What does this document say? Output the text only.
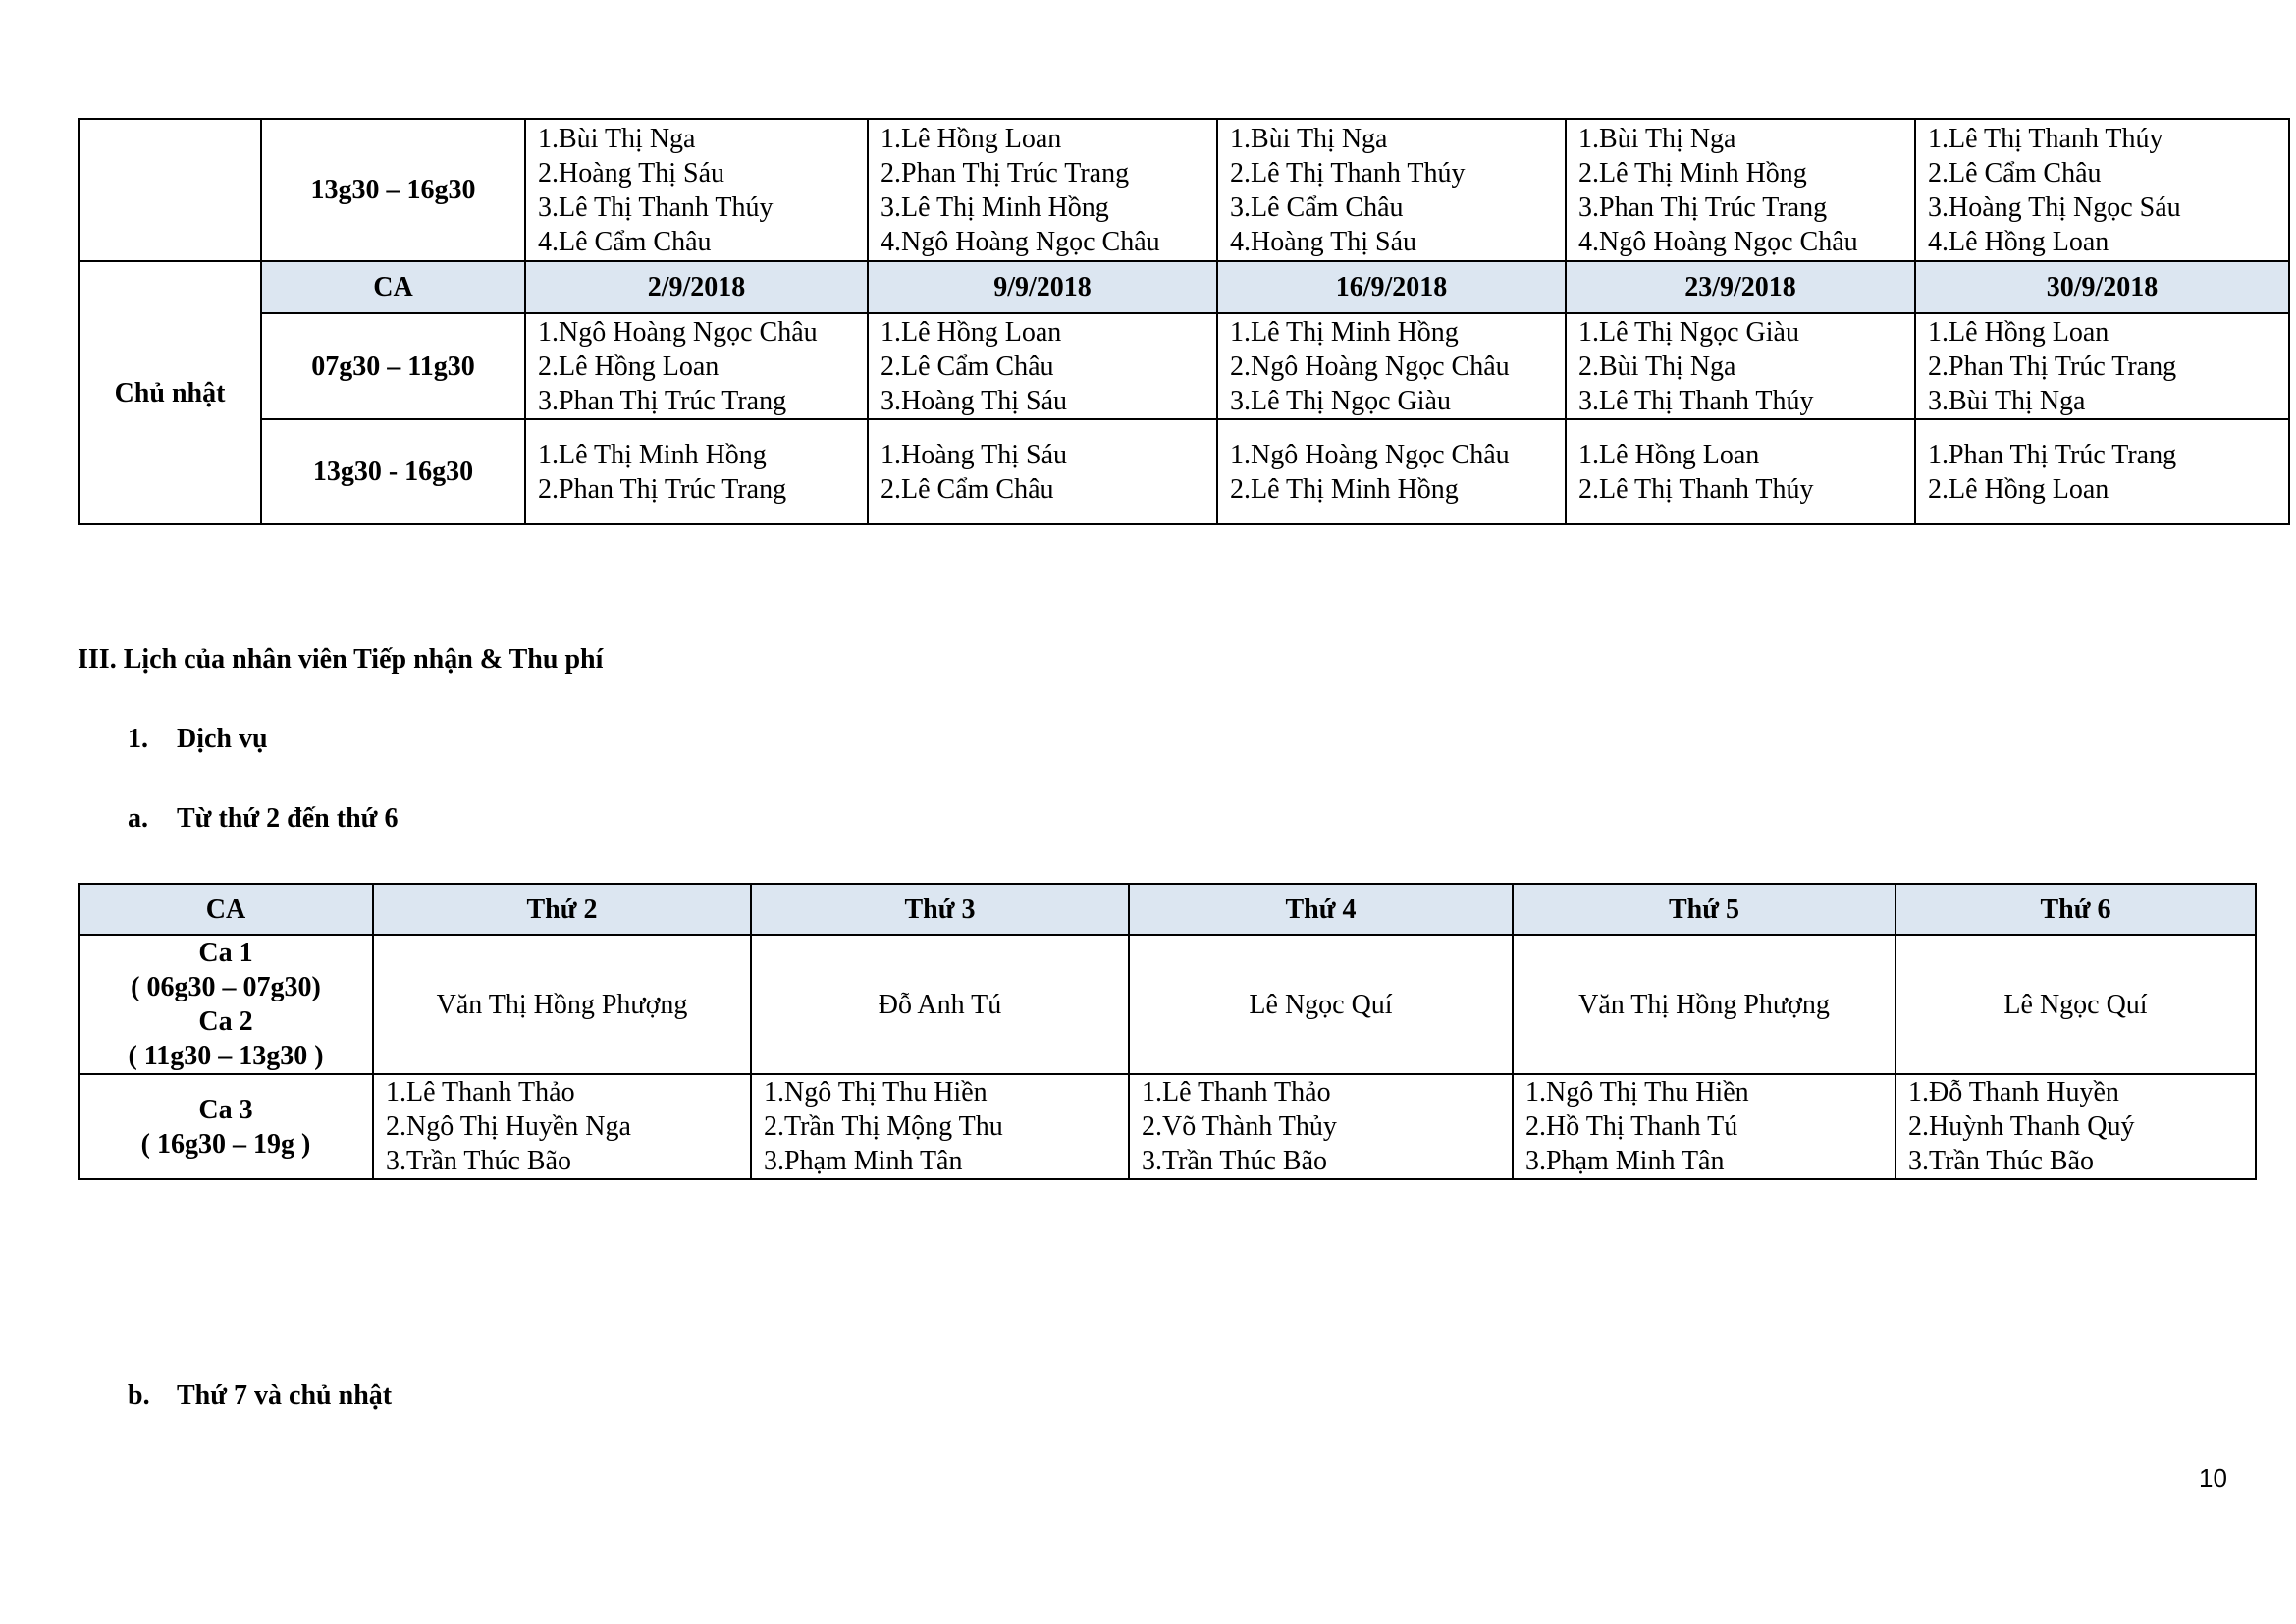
	13g30 – 16g30	1.Bùi Thị Nga
2.Hoàng Thị Sáu
3.Lê Thị Thanh Thúy
4.Lê Cẩm Châu	1.Lê Hồng Loan
2.Phan Thị Trúc Trang
3.Lê Thị Minh Hồng
4.Ngô Hoàng Ngọc Châu	1.Bùi Thị Nga
2.Lê Thị Thanh Thúy
3.Lê Cẩm Châu
4.Hoàng Thị Sáu	1.Bùi Thị Nga
2.Lê Thị Minh Hồng
3.Phan Thị Trúc Trang
4.Ngô Hoàng Ngọc Châu	1.Lê Thị Thanh Thúy
2.Lê Cẩm Châu
3.Hoàng Thị Ngọc Sáu
4.Lê Hồng Loan

Chủ nhật	CA	2/9/2018	9/9/2018	16/9/2018	23/9/2018	30/9/2018
	07g30 – 11g30	1.Ngô Hoàng Ngọc Châu
2.Lê Hồng Loan
3.Phan Thị Trúc Trang	1.Lê Hồng Loan
2.Lê Cẩm Châu
3.Hoàng Thị Sáu	1.Lê Thị Minh Hồng
2.Ngô Hoàng Ngọc Châu
3.Lê Thị Ngọc Giàu	1.Lê Thị Ngọc Giàu
2.Bùi Thị Nga
3.Lê Thị Thanh Thúy	1.Lê Hồng Loan
2.Phan Thị Trúc Trang
3.Bùi Thị Nga

	13g30 - 16g30	1.Lê Thị Minh Hồng
2.Phan Thị Trúc Trang	1.Hoàng Thị Sáu
2.Lê Cẩm Châu	1.Ngô Hoàng Ngọc Châu
2.Lê Thị Minh Hồng	1.Lê Hồng Loan
2.Lê Thị Thanh Thúy	1.Phan Thị Trúc Trang
2.Lê Hồng Loan
III. Lịch của nhân viên Tiếp nhận & Thu phí
1. Dịch vụ
a. Từ thứ 2 đến thứ 6
CA	Thứ 2	Thứ 3	Thứ 4	Thứ 5	Thứ 6

Ca 1
( 06g30 – 07g30)
Ca 2
( 11g30 – 13g30 )	Văn Thị Hồng Phượng	Đỗ Anh Tú	Lê Ngọc Quí	Văn Thị Hồng Phượng	Lê Ngọc Quí

Ca 3
( 16g30 – 19g )	1.Lê Thanh Thảo
2.Ngô Thị Huyền Nga
3.Trần Thúc Bão	1.Ngô Thị Thu Hiền
2.Trần Thị Mộng Thu
3.Phạm Minh Tân	1.Lê Thanh Thảo
2.Võ Thành Thủy
3.Trần Thúc Bão	1.Ngô Thị Thu Hiền
2.Hồ Thị Thanh Tú
3.Phạm Minh Tân	1.Đỗ Thanh Huyền
2.Huỳnh Thanh Quý
3.Trần Thúc Bão
b. Thứ 7 và chủ nhật
10
